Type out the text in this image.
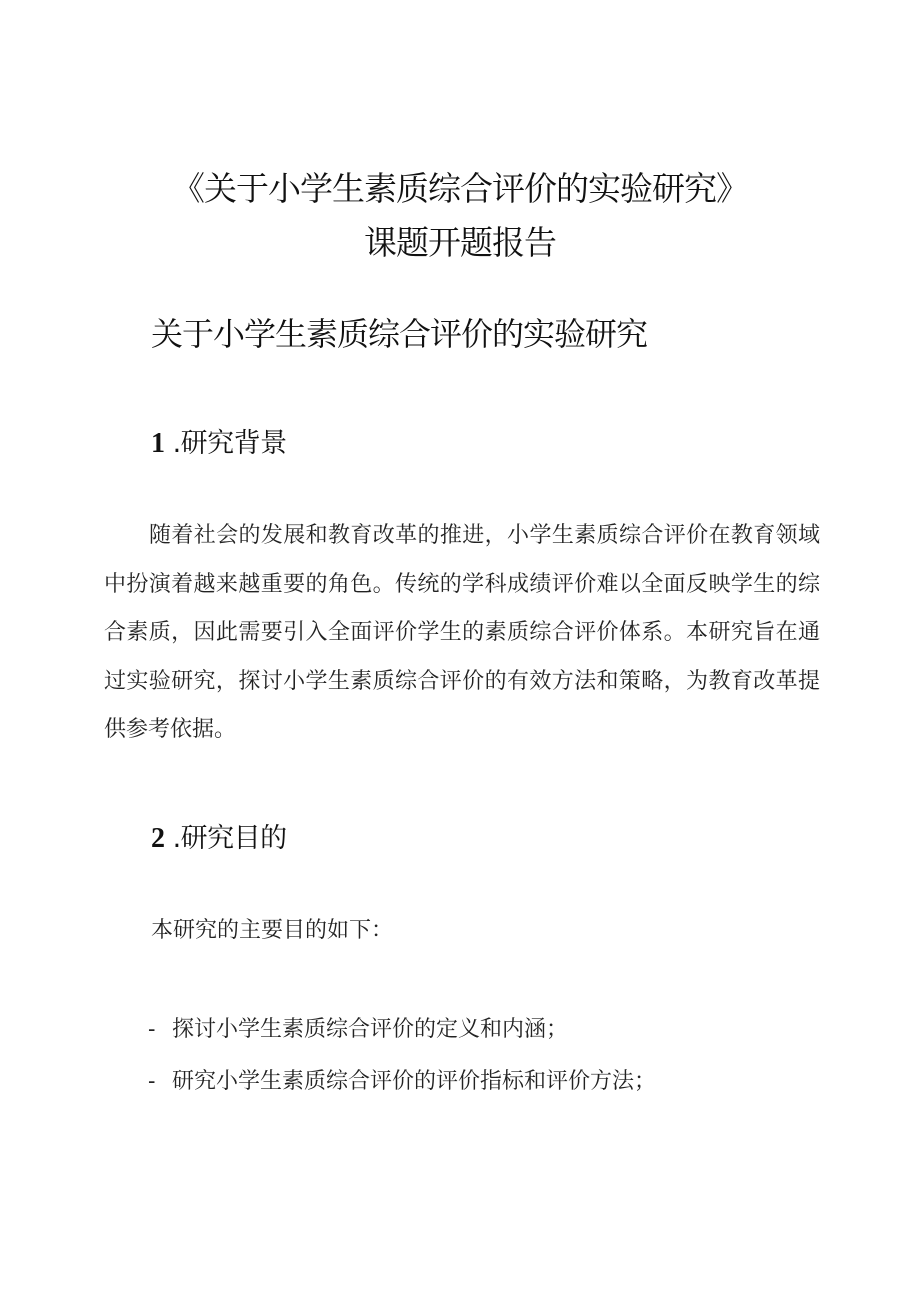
《关于小学生素质综合评价的实验研究》
课题开题报告
关于小学生素质综合评价的实验研究
1 .研究背景

随着社会的发展和教育改革的推进，小学生素质综合评价在教育领域中扮演着越来越重要的角色。传统的学科成绩评价难以全面反映学生的综合素质，因此需要引入全面评价学生的素质综合评价体系。本研究旨在通过实验研究，探讨小学生素质综合评价的有效方法和策略，为教育改革提供参考依据。

2 .研究目的

本研究的主要目的如下：

- 探讨小学生素质综合评价的定义和内涵；
- 研究小学生素质综合评价的评价指标和评价方法；
